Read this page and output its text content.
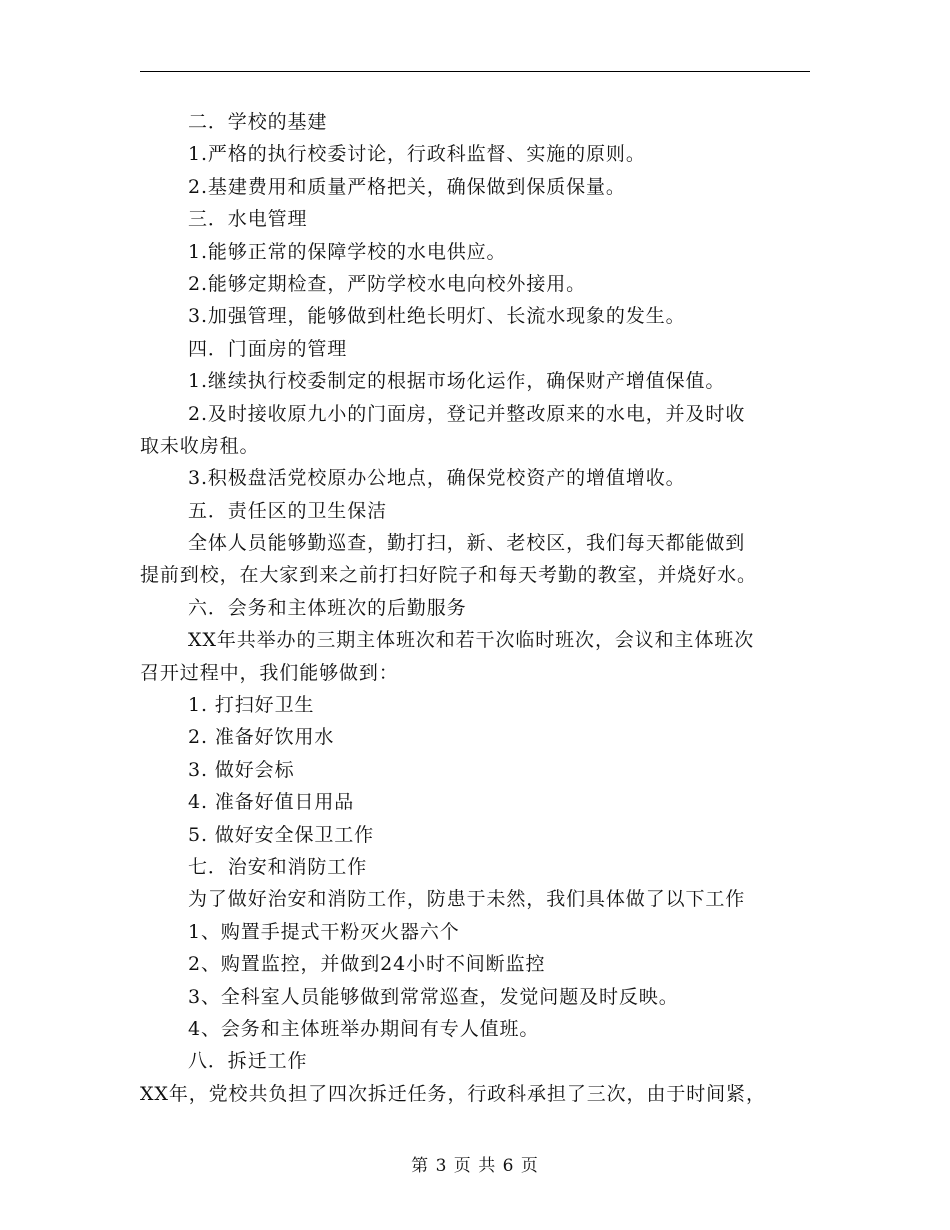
二．学校的基建
1.严格的执行校委讨论，行政科监督、实施的原则。
2.基建费用和质量严格把关，确保做到保质保量。
三．水电管理
1.能够正常的保障学校的水电供应。
2.能够定期检查，严防学校水电向校外接用。
3.加强管理，能够做到杜绝长明灯、长流水现象的发生。
四．门面房的管理
1.继续执行校委制定的根据市场化运作，确保财产增值保值。
2.及时接收原九小的门面房，登记并整改原来的水电，并及时收
取未收房租。
3.积极盘活党校原办公地点，确保党校资产的增值增收。
五．责任区的卫生保洁
全体人员能够勤巡查，勤打扫，新、老校区，我们每天都能做到
提前到校，在大家到来之前打扫好院子和每天考勤的教室，并烧好水。
六．会务和主体班次的后勤服务
XX年共举办的三期主体班次和若干次临时班次，会议和主体班次
召开过程中，我们能够做到：
1. 打扫好卫生
2. 准备好饮用水
3. 做好会标
4. 准备好值日用品
5. 做好安全保卫工作
七．治安和消防工作
为了做好治安和消防工作，防患于未然，我们具体做了以下工作
1、购置手提式干粉灭火器六个
2、购置监控，并做到24小时不间断监控
3、全科室人员能够做到常常巡查，发觉问题及时反映。
4、会务和主体班举办期间有专人值班。
八．拆迁工作
XX年，党校共负担了四次拆迁任务，行政科承担了三次，由于时间紧，
第 3 页 共 6 页
